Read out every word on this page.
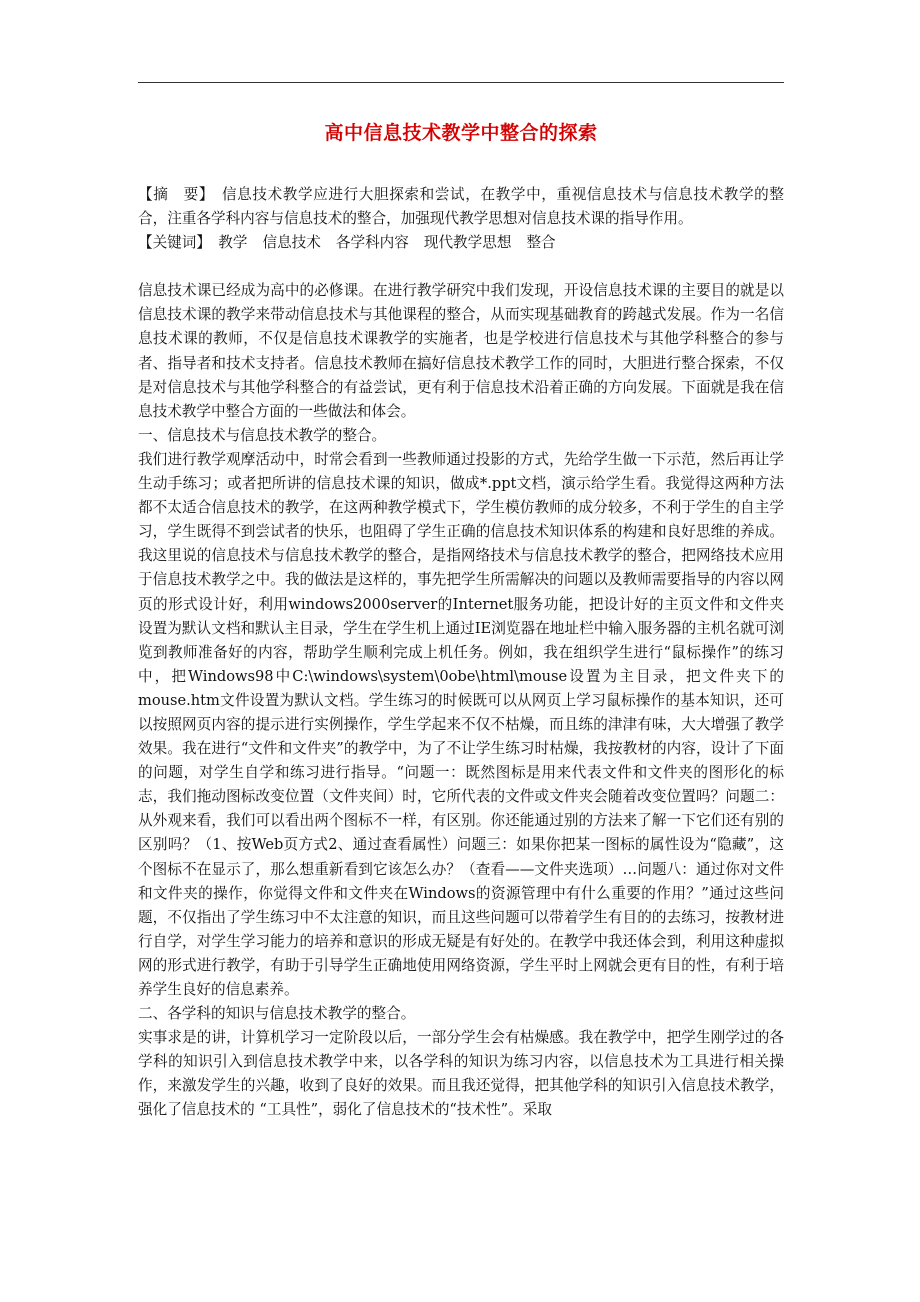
高中信息技术教学中整合的探索

【摘　要】　 信息技术教学应进行大胆探索和尝试，在教学中，重视信息技术与信息技术教学的整合，注重各学科内容与信息技术的整合，加强现代教学思想对信息技术课的指导作用。

【关键词】　 教学 信息技术 各学科内容 现代教学思想 整合

信息技术课已经成为高中的必修课。在进行教学研究中我们发现，开设信息技术课的主要目的就是以信息技术课的教学来带动信息技术与其他课程的整合，从而实现基础教育的跨越式发展。作为一名信息技术课的教师，不仅是信息技术课教学的实施者，也是学校进行信息技术与其他学科整合的参与者、指导者和技术支持者。信息技术教师在搞好信息技术教学工作的同时，大胆进行整合探索，不仅是对信息技术与其他学科整合的有益尝试，更有利于信息技术沿着正确的方向发展。下面就是我在信息技术教学中整合方面的一些做法和体会。

一、信息技术与信息技术教学的整合。

我们进行教学观摩活动中，时常会看到一些教师通过投影的方式，先给学生做一下示范，然后再让学生动手练习；或者把所讲的信息技术课的知识，做成*.ppt文档，演示给学生看。我觉得这两种方法都不太适合信息技术的教学，在这两种教学模式下，学生模仿教师的成分较多，不利于学生的自主学习，学生既得不到尝试者的快乐，也阻碍了学生正确的信息技术知识体系的构建和良好思维的养成。我这里说的信息技术与信息技术教学的整合，是指网络技术与信息技术教学的整合，把网络技术应用于信息技术教学之中。我的做法是这样的，事先把学生所需解决的问题以及教师需要指导的内容以网页的形式设计好，利用windows2000server的Internet服务功能，把设计好的主页文件和文件夹设置为默认文档和默认主目录，学生在学生机上通过IE浏览器在地址栏中输入服务器的主机名就可浏览到教师准备好的内容，帮助学生顺利完成上机任务。例如，我在组织学生进行“鼠标操作”的练习中，把Windows98中C:\windows\system\0obe\html\mouse设置为主目录，把文件夹下的mouse.htm文件设置为默认文档。学生练习的时候既可以从网页上学习鼠标操作的基本知识，还可以按照网页内容的提示进行实例操作，学生学起来不仅不枯燥，而且练的津津有味，大大增强了教学效果。我在进行“文件和文件夹”的教学中，为了不让学生练习时枯燥，我按教材的内容，设计了下面的问题，对学生自学和练习进行指导。“问题一：既然图标是用来代表文件和文件夹的图形化的标志，我们拖动图标改变位置（文件夹间）时，它所代表的文件或文件夹会随着改变位置吗？问题二：从外观来看，我们可以看出两个图标不一样，有区别。你还能通过别的方法来了解一下它们还有别的区别吗？（1、按Web页方式2、通过查看属性）问题三：如果你把某一图标的属性设为“隐藏”，这个图标不在显示了，那么想重新看到它该怎么办？（查看——文件夹选项）…问题八：通过你对文件和文件夹的操作，你觉得文件和文件夹在Windows的资源管理中有什么重要的作用？”通过这些问题，不仅指出了学生练习中不太注意的知识，而且这些问题可以带着学生有目的的去练习，按教材进行自学，对学生学习能力的培养和意识的形成无疑是有好处的。在教学中我还体会到，利用这种虚拟网的形式进行教学，有助于引导学生正确地使用网络资源，学生平时上网就会更有目的性，有利于培养学生良好的信息素养。

二、各学科的知识与信息技术教学的整合。

实事求是的讲，计算机学习一定阶段以后，一部分学生会有枯燥感。我在教学中，把学生刚学过的各学科的知识引入到信息技术教学中来，以各学科的知识为练习内容，以信息技术为工具进行相关操作，来激发学生的兴趣，收到了良好的效果。而且我还觉得，把其他学科的知识引入信息技术教学，强化了信息技术的 “工具性”，弱化了信息技术的“技术性”。采取
